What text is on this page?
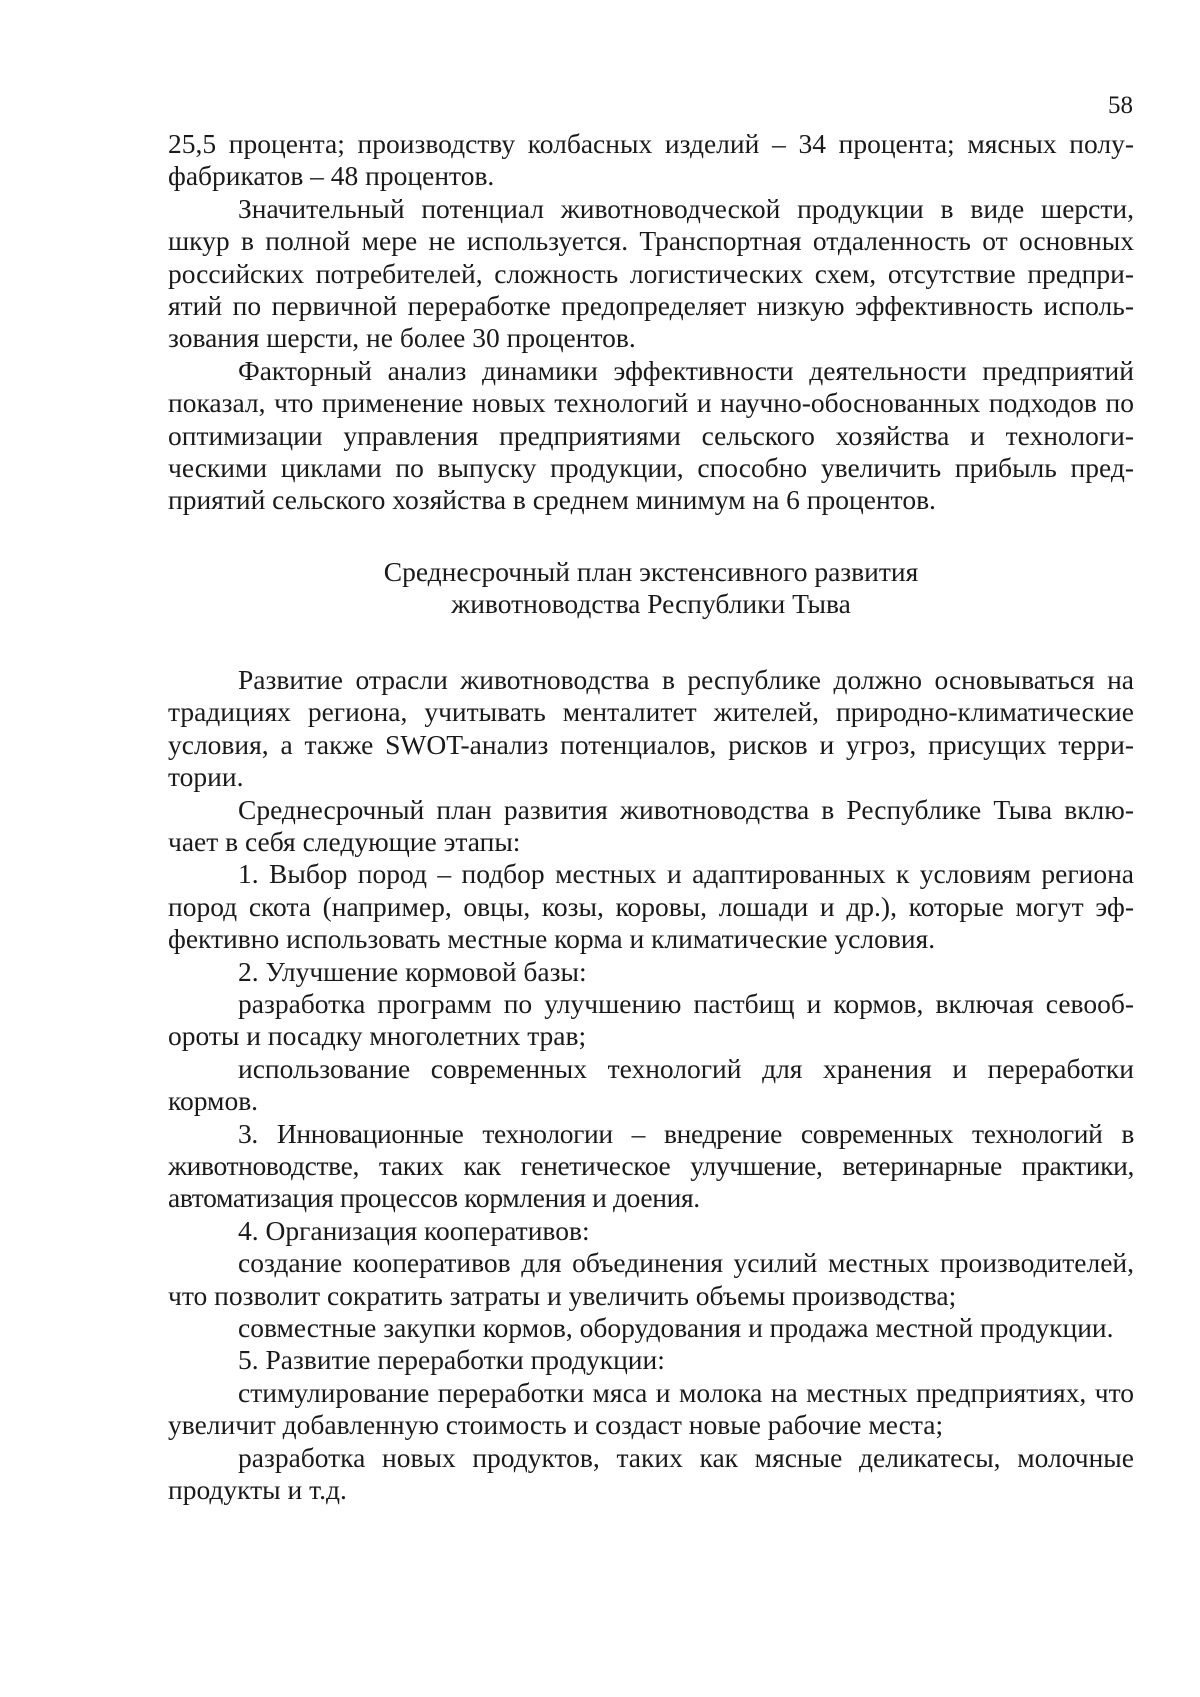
58

25,5 процента; производству колбасных изделий – 34 процента; мясных полуфабрикатов – 48 процентов.

Значительный потенциал животноводческой продукции в виде шерсти, шкур в полной мере не используется. Транспортная отдаленность от основных российских потребителей, сложность логистических схем, отсутствие предприятий по первичной переработке предопределяет низкую эффективность использования шерсти, не более 30 процентов.

Факторный анализ динамики эффективности деятельности предприятий показал, что применение новых технологий и научно-обоснованных подходов по оптимизации управления предприятиями сельского хозяйства и технологическими циклами по выпуску продукции, способно увеличить прибыль предприятий сельского хозяйства в среднем минимум на 6 процентов.

Среднесрочный план экстенсивного развития
животноводства Республики Тыва

Развитие отрасли животноводства в республике должно основываться на традициях региона, учитывать менталитет жителей, природно-климатические условия, а также SWOT-анализ потенциалов, рисков и угроз, присущих территории.

Среднесрочный план развития животноводства в Республике Тыва включает в себя следующие этапы:

1. Выбор пород – подбор местных и адаптированных к условиям региона пород скота (например, овцы, козы, коровы, лошади и др.), которые могут эффективно использовать местные корма и климатические условия.

2. Улучшение кормовой базы:

разработка программ по улучшению пастбищ и кормов, включая севообороты и посадку многолетних трав;

использование современных технологий для хранения и переработки кормов.

3. Инновационные технологии – внедрение современных технологий в животноводстве, таких как генетическое улучшение, ветеринарные практики, автоматизация процессов кормления и доения.

4. Организация кооперативов:

создание кооперативов для объединения усилий местных производителей, что позволит сократить затраты и увеличить объемы производства;

совместные закупки кормов, оборудования и продажа местной продукции.

5. Развитие переработки продукции:

стимулирование переработки мяса и молока на местных предприятиях, что увеличит добавленную стоимость и создаст новые рабочие места;

разработка новых продуктов, таких как мясные деликатесы, молочные продукты и т.д.
